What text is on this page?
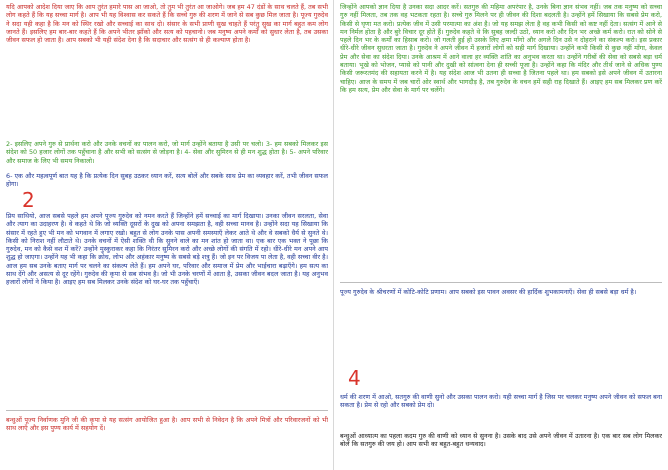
यदि आपको आदेश दिया जाए कि आप तुरंत हमारे पास आ जाओ, तो तुम भी तुरंत आ जाओगे। जब हम 47 दंडों के साथ चलते हैं, तब सभी लोग कहते हैं कि यह सच्चा मार्ग है। आप भी यह विश्वास कर सकते हैं कि सच्चे गुरु की शरण में जाने से सब कुछ मिल जाता है। पूज्य गुरुदेव ने सदा यही कहा है कि मन को स्थिर रखो और सच्चाई का साथ दो। संसार के सभी प्राणी सुख चाहते हैं परंतु सुख का मार्ग बहुत कम लोग जानते हैं। इसलिए हम बार-बार कहते हैं कि अपने भीतर झाँको और सत्य को पहचानो। जब मनुष्य अपने कर्मों को सुधार लेता है, तब उसका जीवन सफल हो जाता है। आप सबको भी यही संदेश देना है कि सदाचार और सत्संग से ही कल्याण होता है।
2- इसलिए अपने गुरु से प्रार्थना करो और उनके वचनों का पालन करो, जो मार्ग उन्होंने बताया है उसी पर चलो। 3- हम सबको मिलकर इस संदेश को 50 हजार लोगों तक पहुँचाना है और सभी को सत्संग से जोड़ना है। 4- सेवा और सुमिरन से ही मन शुद्ध होता है। 5- अपने परिवार और समाज के लिए भी समय निकालो।
6- एक और महत्वपूर्ण बात यह है कि प्रत्येक दिन सुबह उठकर ध्यान करें, सत्य बोलें और सबके साथ प्रेम का व्यवहार करें, तभी जीवन सफल होगा।
2
प्रिय साथियो, आज सबसे पहले हम अपने पूज्य गुरुदेव को नमन करते हैं जिन्होंने हमें सच्चाई का मार्ग दिखाया। उनका जीवन सरलता, सेवा और त्याग का उदाहरण है। वे कहते थे कि जो व्यक्ति दूसरों के दुख को अपना समझता है, वही सच्चा मानव है। उन्होंने सदा यह सिखाया कि संसार में रहते हुए भी मन को भगवान में लगाए रखो। बहुत से लोग उनके पास अपनी समस्याएँ लेकर आते थे और वे सबको धैर्य से सुनते थे। किसी को निराश नहीं लौटाते थे। उनके वचनों में ऐसी शक्ति थी कि सुनने वाले का मन शांत हो जाता था। एक बार एक भक्त ने पूछा कि गुरुदेव, मन को कैसे वश में करें? उन्होंने मुस्कुराकर कहा कि निरंतर सुमिरन करो और अच्छे लोगों की संगति में रहो। धीरे-धीरे मन अपने आप शुद्ध हो जाएगा। उन्होंने यह भी कहा कि क्रोध, लोभ और अहंकार मनुष्य के सबसे बड़े शत्रु हैं। जो इन पर विजय पा लेता है, वही सच्चा वीर है। आज हम सब उनके बताए मार्ग पर चलने का संकल्प लेते हैं। हम अपने घर, परिवार और समाज में प्रेम और भाईचारा बढ़ाएँगे। हम सत्य का साथ देंगे और असत्य से दूर रहेंगे। गुरुदेव की कृपा से सब संभव है। जो भी उनके चरणों में आता है, उसका जीवन बदल जाता है। यह अनुभव हजारों लोगों ने किया है। आइए हम सब मिलकर उनके संदेश को घर-घर तक पहुँचाएँ।
बन्धुओं पूज्य निर्वाणक मुनि जी की कृपा से यह सत्संग आयोजित हुआ है। आप सभी से निवेदन है कि अपने मित्रों और परिवारजनों को भी साथ लाएँ और इस पुण्य कार्य में सहयोग दें।
जिन्होंने आपको ज्ञान दिया है उनका सदा आदर करें। सतगुरु की महिमा अपरंपार है, उनके बिना ज्ञान संभव नहीं। जब तक मनुष्य को सच्चा गुरु नहीं मिलता, तब तक वह भटकता रहता है। सच्चे गुरु मिलने पर ही जीवन की दिशा बदलती है। उन्होंने हमें सिखाया कि सबसे प्रेम करो, किसी से घृणा मत करो। प्रत्येक जीव में उसी परमात्मा का अंश है। जो यह समझ लेता है वह कभी किसी को कष्ट नहीं देता। सत्संग में आने से मन निर्मल होता है और बुरे विचार दूर होते हैं। गुरुदेव कहते थे कि सुबह जल्दी उठो, ध्यान करो और दिन भर अच्छे कर्म करो। रात को सोने से पहले दिन भर के कर्मों का हिसाब करो। जो गलती हुई हो उसके लिए क्षमा माँगो और अगले दिन उसे न दोहराने का संकल्प करो। इस प्रकार धीरे-धीरे जीवन सुधरता जाता है। गुरुदेव ने अपने जीवन में हजारों लोगों को सही मार्ग दिखाया। उन्होंने कभी किसी से कुछ नहीं माँगा, केवल प्रेम और सेवा का संदेश दिया। उनके आश्रम में आने वाला हर व्यक्ति शांति का अनुभव करता था। उन्होंने गरीबों की सेवा को सबसे बड़ा धर्म बताया। भूखे को भोजन, प्यासे को पानी और दुखी को सांत्वना देना ही सच्ची पूजा है। उन्होंने कहा कि मंदिर और तीर्थ जाने से अधिक पुण्य किसी जरूरतमंद की सहायता करने में है। यह संदेश आज भी उतना ही सच्चा है जितना पहले था। हम सबको इसे अपने जीवन में उतारना चाहिए। आज के समय में जब चारों ओर स्वार्थ और भागदौड़ है, तब गुरुदेव के वचन हमें सही राह दिखाते हैं। आइए हम सब मिलकर प्रण करें कि हम सत्य, प्रेम और सेवा के मार्ग पर चलेंगे।
पूज्य गुरुदेव के श्रीचरणों में कोटि-कोटि प्रणाम। आप सबको इस पावन अवसर की हार्दिक शुभकामनाएँ। सेवा ही सबसे बड़ा धर्म है।
4
धर्म की शरण में आओ, सतगुरु की वाणी सुनो और उसका पालन करो। यही सच्चा मार्ग है जिस पर चलकर मनुष्य अपने जीवन को सफल बना सकता है। प्रेम से रहो और सबको प्रेम दो।
बन्धुओं आध्यात्म का पहला कदम गुरु की वाणी को ध्यान से सुनना है। उसके बाद उसे अपने जीवन में उतारना है। एक बार सब लोग मिलकर बोलें कि सतगुरु की जय हो। आप सभी का बहुत-बहुत धन्यवाद।
